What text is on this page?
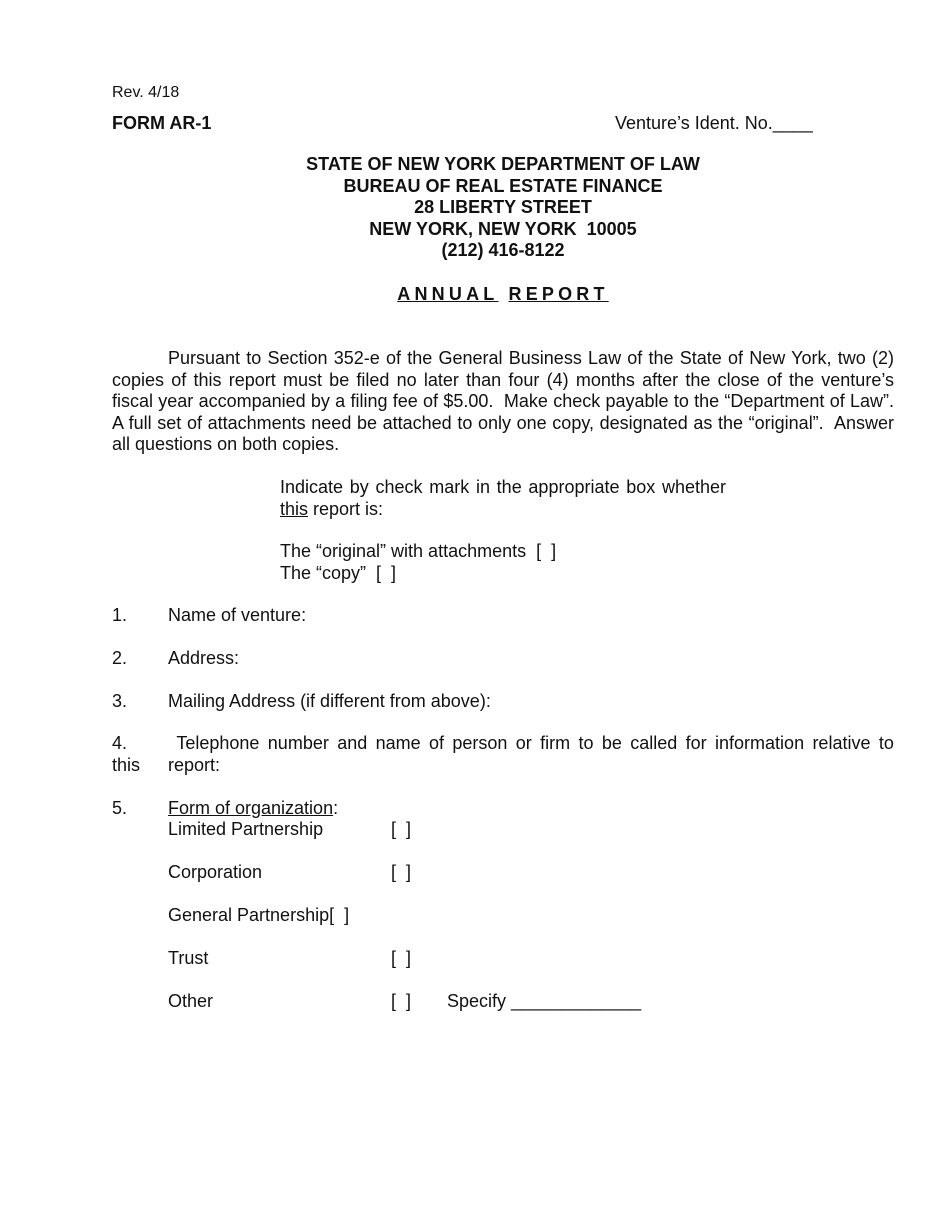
Rev. 4/18
FORM AR-1	Venture’s Ident. No.____
STATE OF NEW YORK DEPARTMENT OF LAW
BUREAU OF REAL ESTATE FINANCE
28 LIBERTY STREET
NEW YORK, NEW YORK  10005
(212) 416-8122
ANNUAL REPORT
Pursuant to Section 352-e of the General Business Law of the State of New York, two (2) copies of this report must be filed no later than four (4) months after the close of the venture’s fiscal year accompanied by a filing fee of $5.00.  Make check payable to the “Department of Law”.  A full set of attachments need be attached to only one copy, designated as the “original”.  Answer all questions on both copies.
Indicate by check mark in the appropriate box whether this report is:
The “original” with attachments  [  ]
The “copy”  [  ]
1. Name of venture:
2. Address:
3. Mailing Address (if different from above):
4.	Telephone number and name of person or firm to be called for information relative to
this	report:
5. Form of organization:
Limited Partnership	[  ]
Corporation	[  ]
General Partnership[  ]
Trust	[  ]
Other	[  ] Specify _____________
